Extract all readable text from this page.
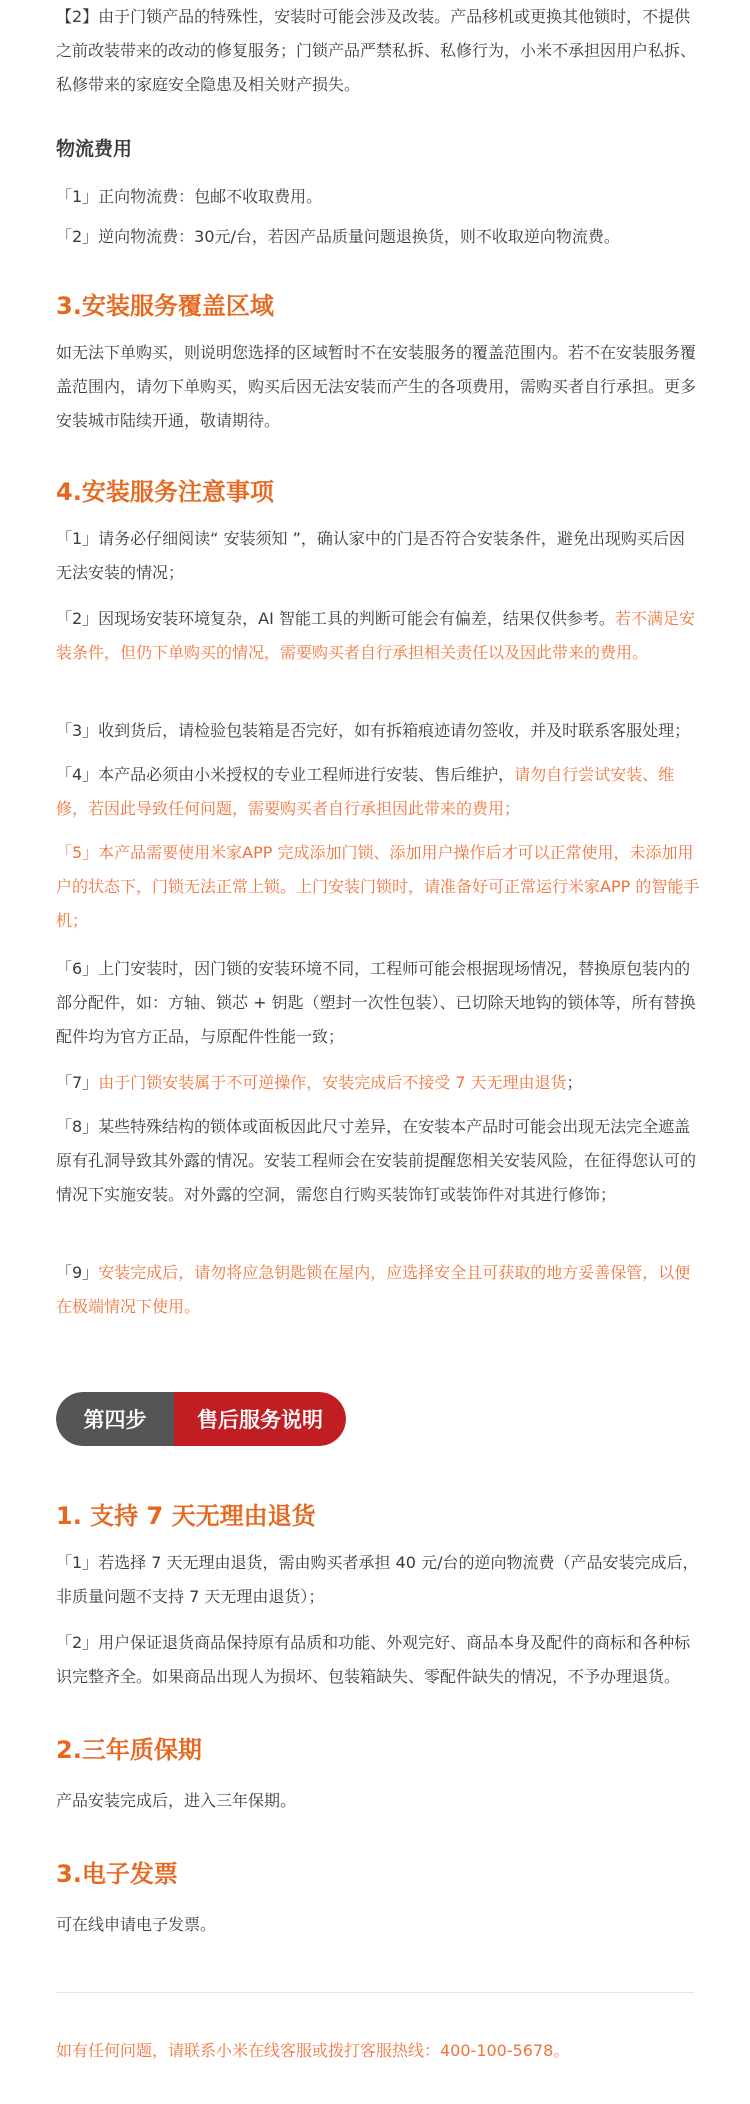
【2】由于门锁产品的特殊性，安装时可能会涉及改装。产品移机或更换其他锁时，不提供之前改装带来的改动的修复服务；门锁产品严禁私拆、私修行为，小米不承担因用户私拆、私修带来的家庭安全隐患及相关财产损失。

物流费用

「1」正向物流费：包邮不收取费用。

「2」逆向物流费：30元/台，若因产品质量问题退换货，则不收取逆向物流费。

3.安装服务覆盖区域

如无法下单购买，则说明您选择的区域暂时不在安装服务的覆盖范围内。若不在安装服务覆盖范围内，请勿下单购买，购买后因无法安装而产生的各项费用，需购买者自行承担。更多安装城市陆续开通，敬请期待。

4.安装服务注意事项

「1」请务必仔细阅读“ 安装须知 ”，确认家中的门是否符合安装条件，避免出现购买后因无法安装的情况；

「2」因现场安装环境复杂，AI 智能工具的判断可能会有偏差，结果仅供参考。若不满足安装条件，但仍下单购买的情况，需要购买者自行承担相关责任以及因此带来的费用。

「3」收到货后，请检验包装箱是否完好，如有拆箱痕迹请勿签收，并及时联系客服处理；

「4」本产品必须由小米授权的专业工程师进行安装、售后维护，请勿自行尝试安装、维修，若因此导致任何问题，需要购买者自行承担因此带来的费用；

「5」本产品需要使用米家APP 完成添加门锁、添加用户操作后才可以正常使用，未添加用户的状态下，门锁无法正常上锁。上门安装门锁时，请准备好可正常运行米家APP 的智能手机；

「6」上门安装时，因门锁的安装环境不同，工程师可能会根据现场情况，替换原包装内的部分配件，如：方轴、锁芯 + 钥匙（塑封一次性包装）、已切除天地钩的锁体等，所有替换配件均为官方正品，与原配件性能一致；

「7」由于门锁安装属于不可逆操作，安装完成后不接受 7 天无理由退货；

「8」某些特殊结构的锁体或面板因此尺寸差异，在安装本产品时可能会出现无法完全遮盖原有孔洞导致其外露的情况。安装工程师会在安装前提醒您相关安装风险，在征得您认可的情况下实施安装。对外露的空洞，需您自行购买装饰钉或装饰件对其进行修饰；

「9」安装完成后，请勿将应急钥匙锁在屋内，应选择安全且可获取的地方妥善保管，以便在极端情况下使用。

第四步	售后服务说明
1. 支持 7 天无理由退货

「1」若选择 7 天无理由退货，需由购买者承担 40 元/台的逆向物流费（产品安装完成后，非质量问题不支持 7 天无理由退货）；

「2」用户保证退货商品保持原有品质和功能、外观完好、商品本身及配件的商标和各种标识完整齐全。如果商品出现人为损坏、包装箱缺失、零配件缺失的情况，不予办理退货。

2.三年质保期

产品安装完成后，进入三年保期。

3.电子发票

可在线申请电子发票。

如有任何问题，请联系小米在线客服或拨打客服热线：400-100-5678。
